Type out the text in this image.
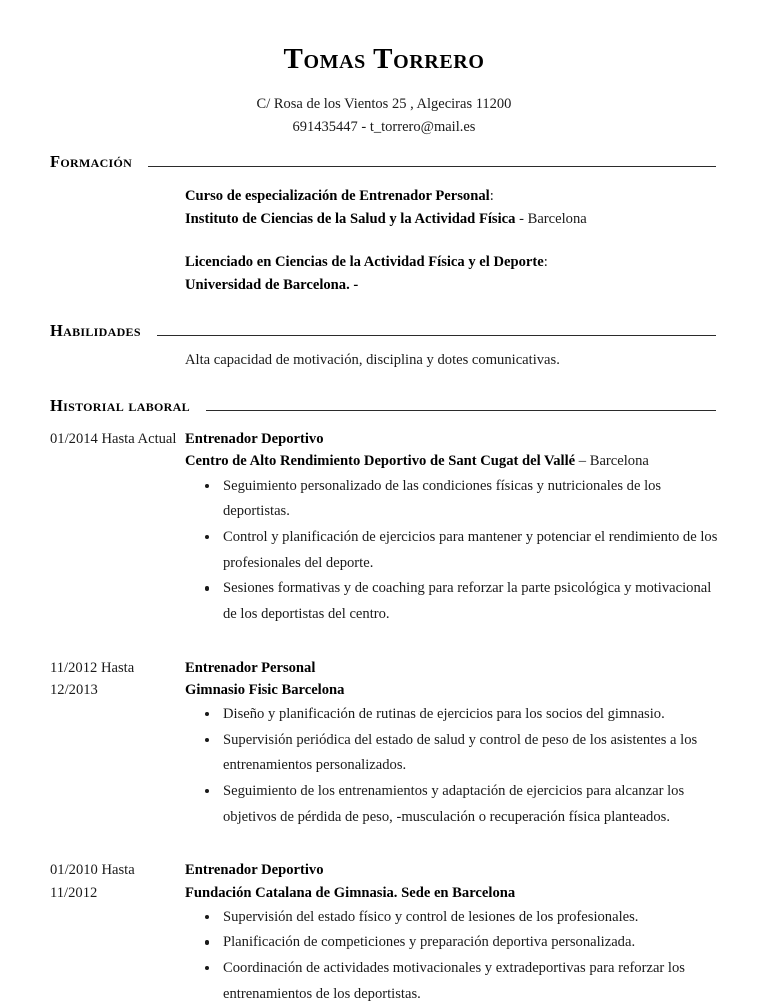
Tomas Torrero
C/ Rosa de los Vientos 25 , Algeciras 11200
691435447 - t_torrero@mail.es
Formación
Curso de especialización de Entrenador Personal:
Instituto de Ciencias de la Salud y la Actividad Física - Barcelona
Licenciado en Ciencias de la Actividad Física y el Deporte:
Universidad de Barcelona. -
Habilidades
Alta capacidad de motivación, disciplina y dotes comunicativas.
Historial laboral
01/2014 Hasta Actual Entrenador Deportivo
Centro de Alto Rendimiento Deportivo de Sant Cugat del Vallé – Barcelona
Seguimiento personalizado de las condiciones físicas y nutricionales de los deportistas.
Control y planificación de ejercicios para mantener y potenciar el rendimiento de los profesionales del deporte.
Sesiones formativas y de coaching para reforzar la parte psicológica y motivacional de los deportistas del centro.
11/2012 Hasta
12/2013
Entrenador Personal
Gimnasio Fisic Barcelona
Diseño y planificación de rutinas de ejercicios para los socios del gimnasio.
Supervisión periódica del estado de salud y control de peso de los asistentes a los entrenamientos personalizados.
Seguimiento de los entrenamientos y adaptación de ejercicios para alcanzar los objetivos de pérdida de peso, -musculación o recuperación física planteados.
01/2010 Hasta
11/2012
Entrenador Deportivo
Fundación Catalana de Gimnasia. Sede en Barcelona
Supervisión del estado físico y control de lesiones de los profesionales.
Planificación de competiciones y preparación deportiva personalizada.
Coordinación de actividades motivacionales y extradeportivas para reforzar los entrenamientos de los deportistas.
